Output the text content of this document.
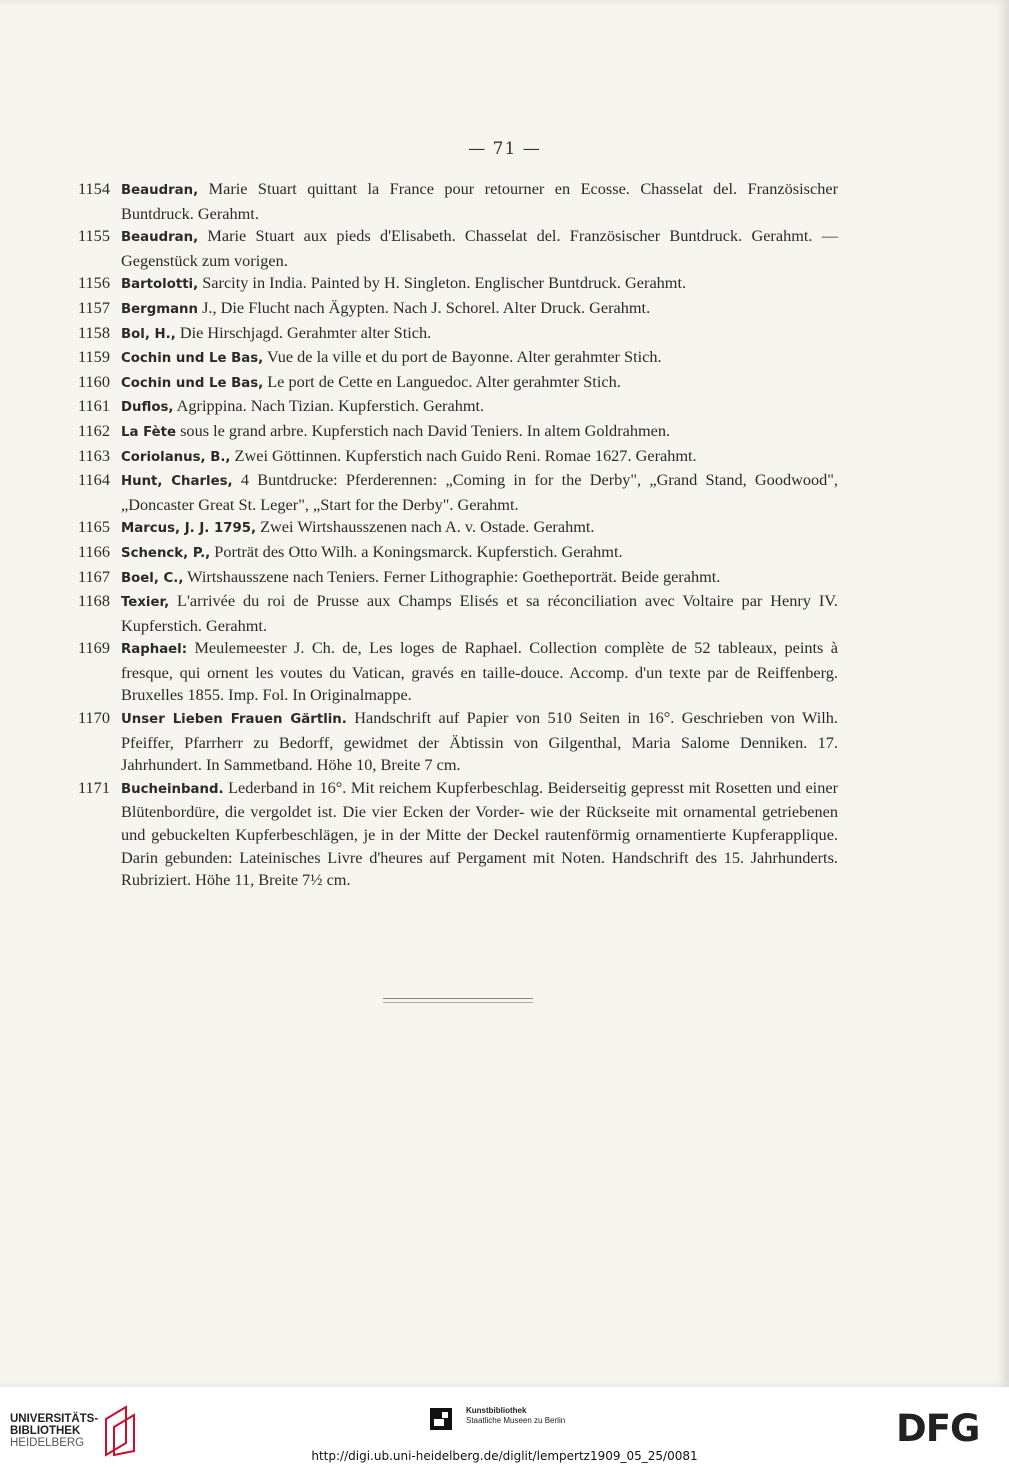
— 71 —
1154 Beaudran, Marie Stuart quittant la France pour retourner en Ecosse. Chasselat del. Französischer Buntdruck. Gerahmt.
1155 Beaudran, Marie Stuart aux pieds d'Elisabeth. Chasselat del. Französischer Buntdruck. Gerahmt. — Gegenstück zum vorigen.
1156 Bartolotti, Sarcity in India. Painted by H. Singleton. Englischer Buntdruck. Gerahmt.
1157 Bergmann J., Die Flucht nach Ägypten. Nach J. Schorel. Alter Druck. Gerahmt.
1158 Bol, H., Die Hirschjagd. Gerahmter alter Stich.
1159 Cochin und Le Bas, Vue de la ville et du port de Bayonne. Alter gerahmter Stich.
1160 Cochin und Le Bas, Le port de Cette en Languedoc. Alter gerahmter Stich.
1161 Duflos, Agrippina. Nach Tizian. Kupferstich. Gerahmt.
1162 La Fète sous le grand arbre. Kupferstich nach David Teniers. In altem Goldrahmen.
1163 Coriolanus, B., Zwei Göttinnen. Kupferstich nach Guido Reni. Romae 1627. Gerahmt.
1164 Hunt, Charles, 4 Buntdrucke: Pferderennen: „Coming in for the Derby", „Grand Stand, Goodwood", „Doncaster Great St. Leger", „Start for the Derby". Gerahmt.
1165 Marcus, J. J. 1795, Zwei Wirtshausszenen nach A. v. Ostade. Gerahmt.
1166 Schenck, P., Porträt des Otto Wilh. a Koningsmarck. Kupferstich. Gerahmt.
1167 Boel, C., Wirtshausszene nach Teniers. Ferner Lithographie: Goetheporträt. Beide gerahmt.
1168 Texier, L'arrivée du roi de Prusse aux Champs Elisés et sa réconciliation avec Voltaire par Henry IV. Kupferstich. Gerahmt.
1169 Raphael: Meulemeester J. Ch. de, Les loges de Raphael. Collection complète de 52 tableaux, peints à fresque, qui ornent les voutes du Vatican, gravés en taille-douce. Accomp. d'un texte par de Reiffenberg. Bruxelles 1855. Imp. Fol. In Originalmappe.
1170 Unser Lieben Frauen Gärtlin. Handschrift auf Papier von 510 Seiten in 16°. Geschrieben von Wilh. Pfeiffer, Pfarrherr zu Bedorff, gewidmet der Äbtissin von Gilgenthal, Maria Salome Denniken. 17. Jahrhundert. In Sammetband. Höhe 10, Breite 7 cm.
1171 Bucheinband. Lederband in 16°. Mit reichem Kupferbeschlag. Beiderseitig gepresst mit Rosetten und einer Blütenbordüre, die vergoldet ist. Die vier Ecken der Vorder- wie der Rückseite mit ornamental getriebenen und gebuckelten Kupferbeschlägen, je in der Mitte der Deckel rautenförmig ornamentierte Kupferapplique. Darin gebunden: Lateinisches Livre d'heures auf Pergament mit Noten. Handschrift des 15. Jahrhunderts. Rubriziert. Höhe 11, Breite 7½ cm.
UNIVERSITÄTS-
BIBLIOTHEK
HEIDELBERG
Kunstbibliothek
Staatliche Museen zu Berlin	DFG
http://digi.ub.uni-heidelberg.de/diglit/lempertz1909_05_25/0081
